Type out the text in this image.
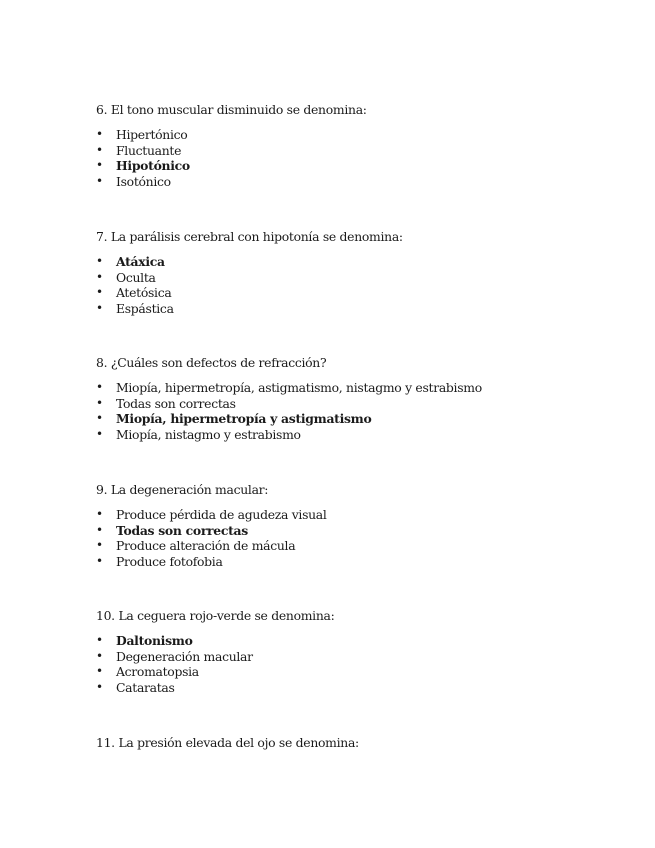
6. El tono muscular disminuido se denomina:

• Hipertónico
• Fluctuante
• Hipotónico
• Isotónico

7. La parálisis cerebral con hipotonía se denomina:

• Atáxica
• Oculta
• Atetósica
• Espástica

8. ¿Cuáles son defectos de refracción?

• Miopía, hipermetropía, astigmatismo, nistagmo y estrabismo
• Todas son correctas
• Miopía, hipermetropía y astigmatismo
• Miopía, nistagmo y estrabismo

9. La degeneración macular:

• Produce pérdida de agudeza visual
• Todas son correctas
• Produce alteración de mácula
• Produce fotofobia

10. La ceguera rojo-verde se denomina:

• Daltonismo
• Degeneración macular
• Acromatopsia
• Cataratas

11. La presión elevada del ojo se denomina:
